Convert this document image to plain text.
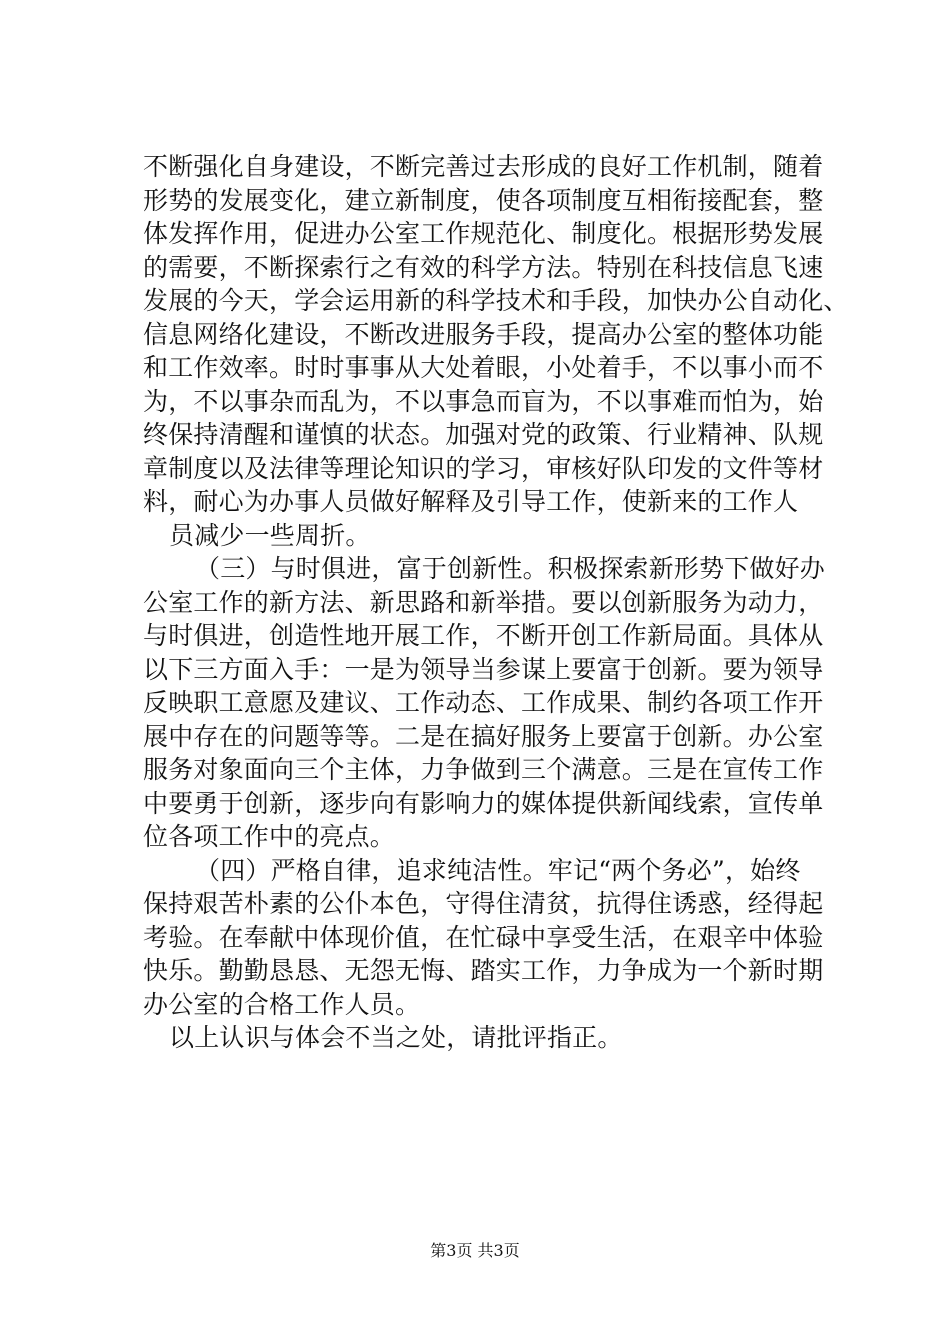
不断强化自身建设，不断完善过去形成的良好工作机制，随着
形势的发展变化，建立新制度，使各项制度互相衔接配套，整
体发挥作用，促进办公室工作规范化、制度化。根据形势发展
的需要，不断探索行之有效的科学方法。特别在科技信息飞速
发展的今天，学会运用新的科学技术和手段，加快办公自动化、
信息网络化建设，不断改进服务手段，提高办公室的整体功能
和工作效率。时时事事从大处着眼，小处着手，不以事小而不
为，不以事杂而乱为，不以事急而盲为，不以事难而怕为，始
终保持清醒和谨慎的状态。加强对党的政策、行业精神、队规
章制度以及法律等理论知识的学习，审核好队印发的文件等材
料，耐心为办事人员做好解释及引导工作，使新来的工作人
员减少一些周折。
（三）与时俱进，富于创新性。积极探索新形势下做好办
公室工作的新方法、新思路和新举措。要以创新服务为动力，
与时俱进，创造性地开展工作，不断开创工作新局面。具体从
以下三方面入手：一是为领导当参谋上要富于创新。要为领导
反映职工意愿及建议、工作动态、工作成果、制约各项工作开
展中存在的问题等等。二是在搞好服务上要富于创新。办公室
服务对象面向三个主体，力争做到三个满意。三是在宣传工作
中要勇于创新，逐步向有影响力的媒体提供新闻线索，宣传单
位各项工作中的亮点。
（四）严格自律，追求纯洁性。牢记“两个务必”，始终
保持艰苦朴素的公仆本色，守得住清贫，抗得住诱惑，经得起
考验。在奉献中体现价值，在忙碌中享受生活，在艰辛中体验
快乐。勤勤恳恳、无怨无悔、踏实工作，力争成为一个新时期
办公室的合格工作人员。
以上认识与体会不当之处，请批评指正。
第3页 共3页
